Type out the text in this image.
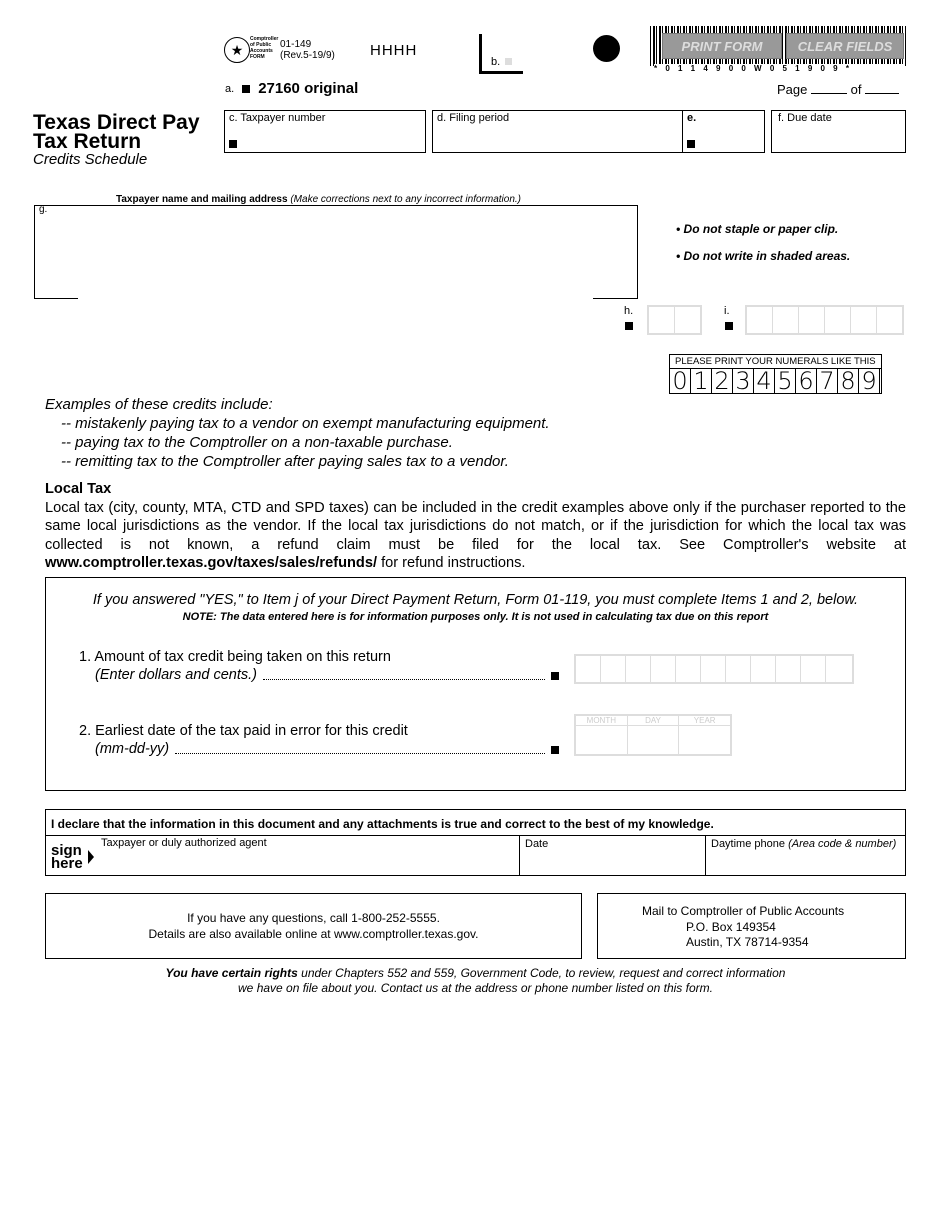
★
Comptroller of Public Accounts FORM
01-149
(Rev.5-19/9) HHHH
b.
PRINT FORM	CLEAR FIELDS
* 0 1 1 4 9 0 0 W 0 5 1 9 0 9 *
a. 27160 original	Page	of
Texas Direct Pay
Tax Return
Credits Schedule
c. Taxpayer number	d. Filing period	e.	f. Due date
g.
Taxpayer name and mailing address (Make corrections next to any incorrect information.)
• Do not staple or paper clip.
• Do not write in shaded areas.
h.	i.
PLEASE PRINT YOUR NUMERALS LIKE THIS
0 1 2 3 4 5 6 7 8 9
Examples of these credits include:
-- mistakenly paying tax to a vendor on exempt manufacturing equipment.
-- paying tax to the Comptroller on a non-taxable purchase.
-- remitting tax to the Comptroller after paying sales tax to a vendor.
Local Tax
Local tax (city, county, MTA, CTD and SPD taxes) can be included in the credit examples above only if the purchaser reported to the same local jurisdictions as the vendor. If the local tax jurisdictions do not match, or if the jurisdiction for which the local tax was collected is not known, a refund claim must be filed for the local tax. See Comptroller's website at www.comptroller.texas.gov/taxes/sales/refunds/ for refund instructions.
If you answered "YES," to Item j of your Direct Payment Return, Form 01-119, you must complete Items 1 and 2, below.
NOTE: The data entered here is for information purposes only. It is not used in calculating tax due on this report
1. Amount of tax credit being taken on this return
(Enter dollars and cents.)
2. Earliest date of the tax paid in error for this credit
(mm-dd-yy)
MONTH	DAY	YEAR
I declare that the information in this document and any attachments is true and correct to the best of my knowledge.
sign
here
Taxpayer or duly authorized agent	Date	Daytime phone (Area code & number)
If you have any questions, call 1-800-252-5555.
Details are also available online at www.comptroller.texas.gov.
Mail to Comptroller of Public Accounts
P.O. Box 149354
Austin, TX 78714-9354
You have certain rights under Chapters 552 and 559, Government Code, to review, request and correct information
we have on file about you. Contact us at the address or phone number listed on this form.
